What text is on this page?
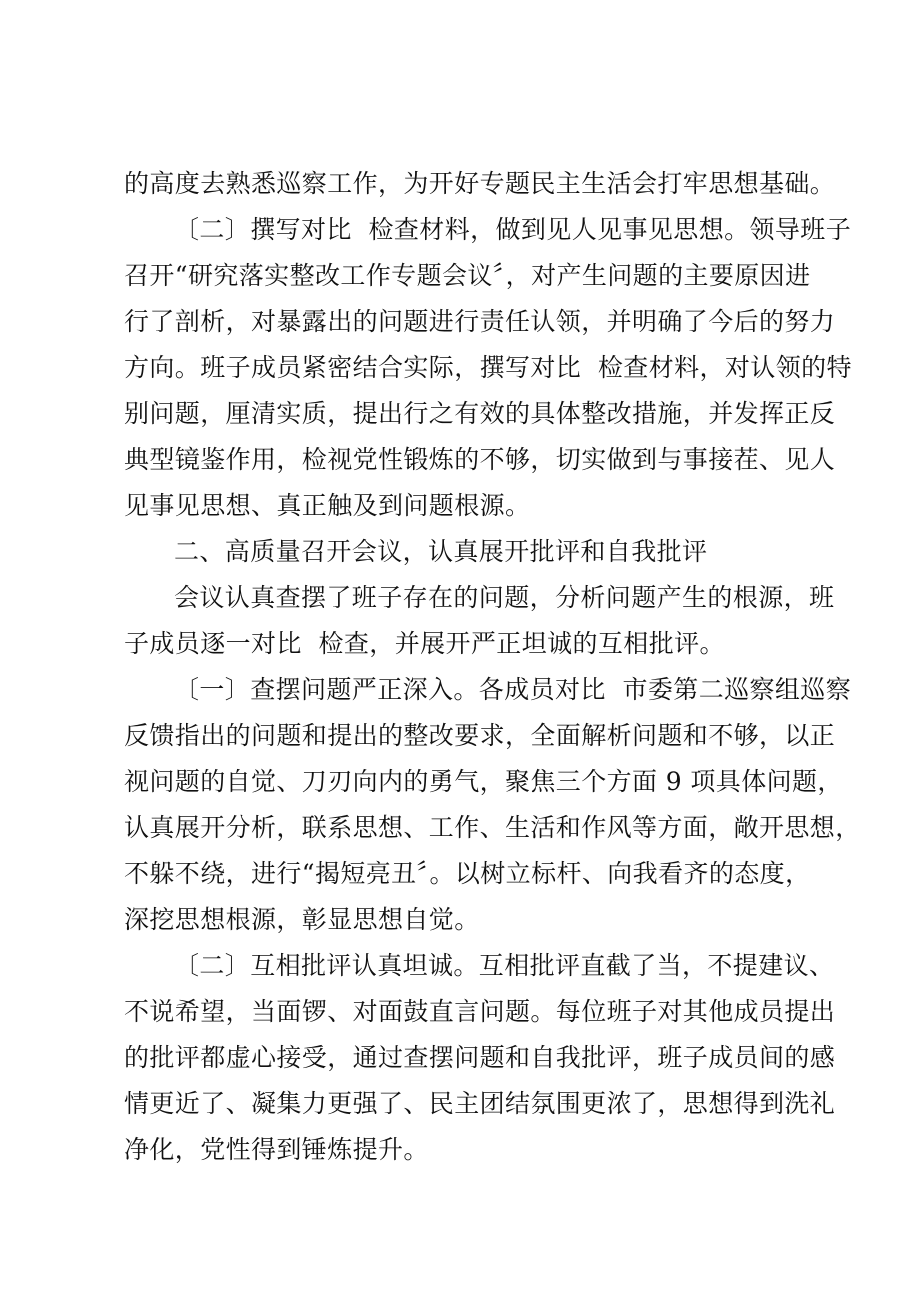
的高度去熟悉巡察工作，为开好专题民主生活会打牢思想基础。
〔二〕撰写对比  检查材料，做到见人见事见思想。领导班子
召开“研究落实整改工作专题会议〞，对产生问题的主要原因进
行了剖析，对暴露出的问题进行责任认领，并明确了今后的努力
方向。班子成员紧密结合实际，撰写对比  检查材料，对认领的特
别问题，厘清实质，提出行之有效的具体整改措施，并发挥正反
典型镜鉴作用，检视党性锻炼的不够，切实做到与事接茬、见人
见事见思想、真正触及到问题根源。
二、高质量召开会议，认真展开批评和自我批评
会议认真查摆了班子存在的问题，分析问题产生的根源，班
子成员逐一对比  检查，并展开严正坦诚的互相批评。
〔一〕查摆问题严正深入。各成员对比  市委第二巡察组巡察
反馈指出的问题和提出的整改要求，全面解析问题和不够，以正
视问题的自觉、刀刃向内的勇气，聚焦三个方面 9 项具体问题，
认真展开分析，联系思想、工作、生活和作风等方面，敞开思想，
不躲不绕，进行“揭短亮丑〞。以树立标杆、向我看齐的态度，
深挖思想根源，彰显思想自觉。
〔二〕互相批评认真坦诚。互相批评直截了当，不提建议、
不说希望，当面锣、对面鼓直言问题。每位班子对其他成员提出
的批评都虚心接受，通过查摆问题和自我批评，班子成员间的感
情更近了、凝集力更强了、民主团结氛围更浓了，思想得到洗礼
净化，党性得到锤炼提升。
